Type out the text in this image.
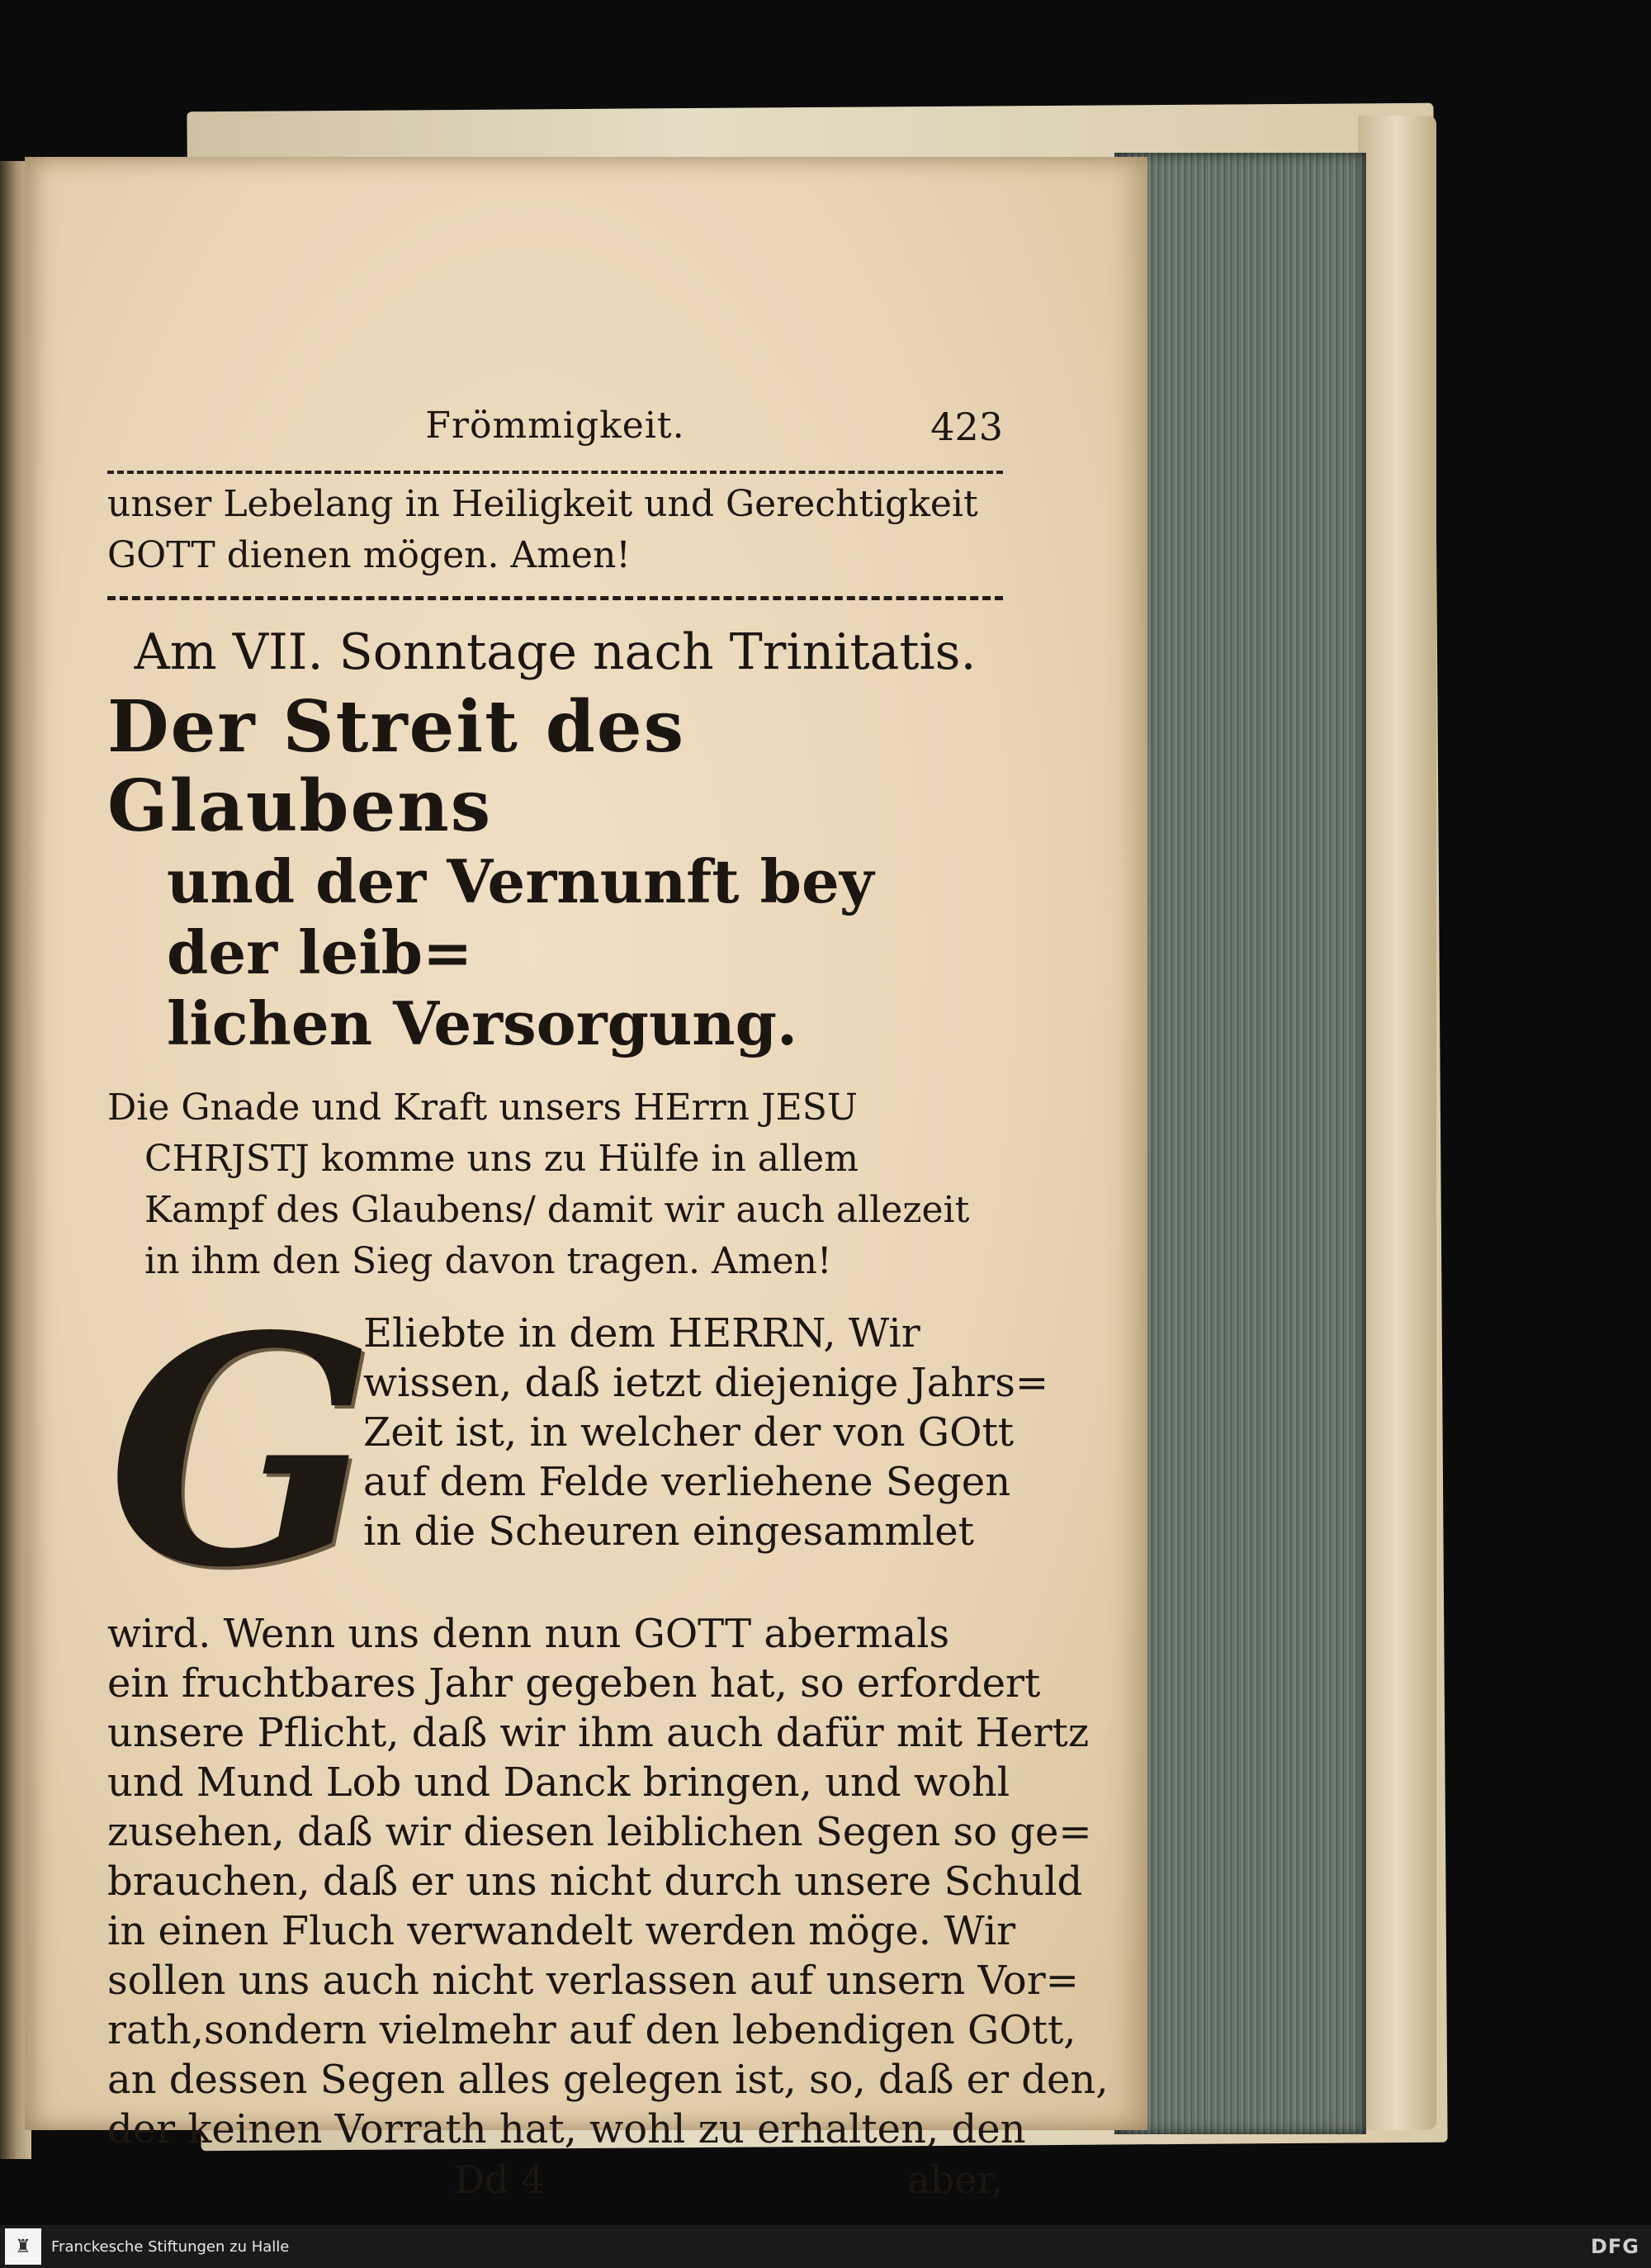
Frömmigkeit.	423
unser Lebelang in Heiligkeit und Gerechtigkeit
GOTT dienen mögen. Amen!
Am VII. Sonntage nach Trinitatis.
Der Streit des Glaubens
und der Vernunft bey der leib=
lichen Versorgung.
Die Gnade und Kraft unsers HErrn JESU
CHRJSTJ komme uns zu Hülfe in allem
Kampf des Glaubens/ damit wir auch allezeit
in ihm den Sieg davon tragen. Amen!
G
Eliebte in dem HERRN, Wir
wissen, daß ietzt diejenige Jahrs=
Zeit ist, in welcher der von GOtt
auf dem Felde verliehene Segen
in die Scheuren eingesammlet
wird. Wenn uns denn nun GOTT abermals
ein fruchtbares Jahr gegeben hat, so erfordert
unsere Pflicht, daß wir ihm auch dafür mit Hertz
und Mund Lob und Danck bringen, und wohl
zusehen, daß wir diesen leiblichen Segen so ge=
brauchen, daß er uns nicht durch unsere Schuld
in einen Fluch verwandelt werden möge. Wir
sollen uns auch nicht verlassen auf unsern Vor=
rath,sondern vielmehr auf den lebendigen GOtt,
an dessen Segen alles gelegen ist, so, daß er den,
der keinen Vorrath hat, wohl zu erhalten, den
Dd 4	aber,
♜	Franckesche Stiftungen zu Halle	DFG
